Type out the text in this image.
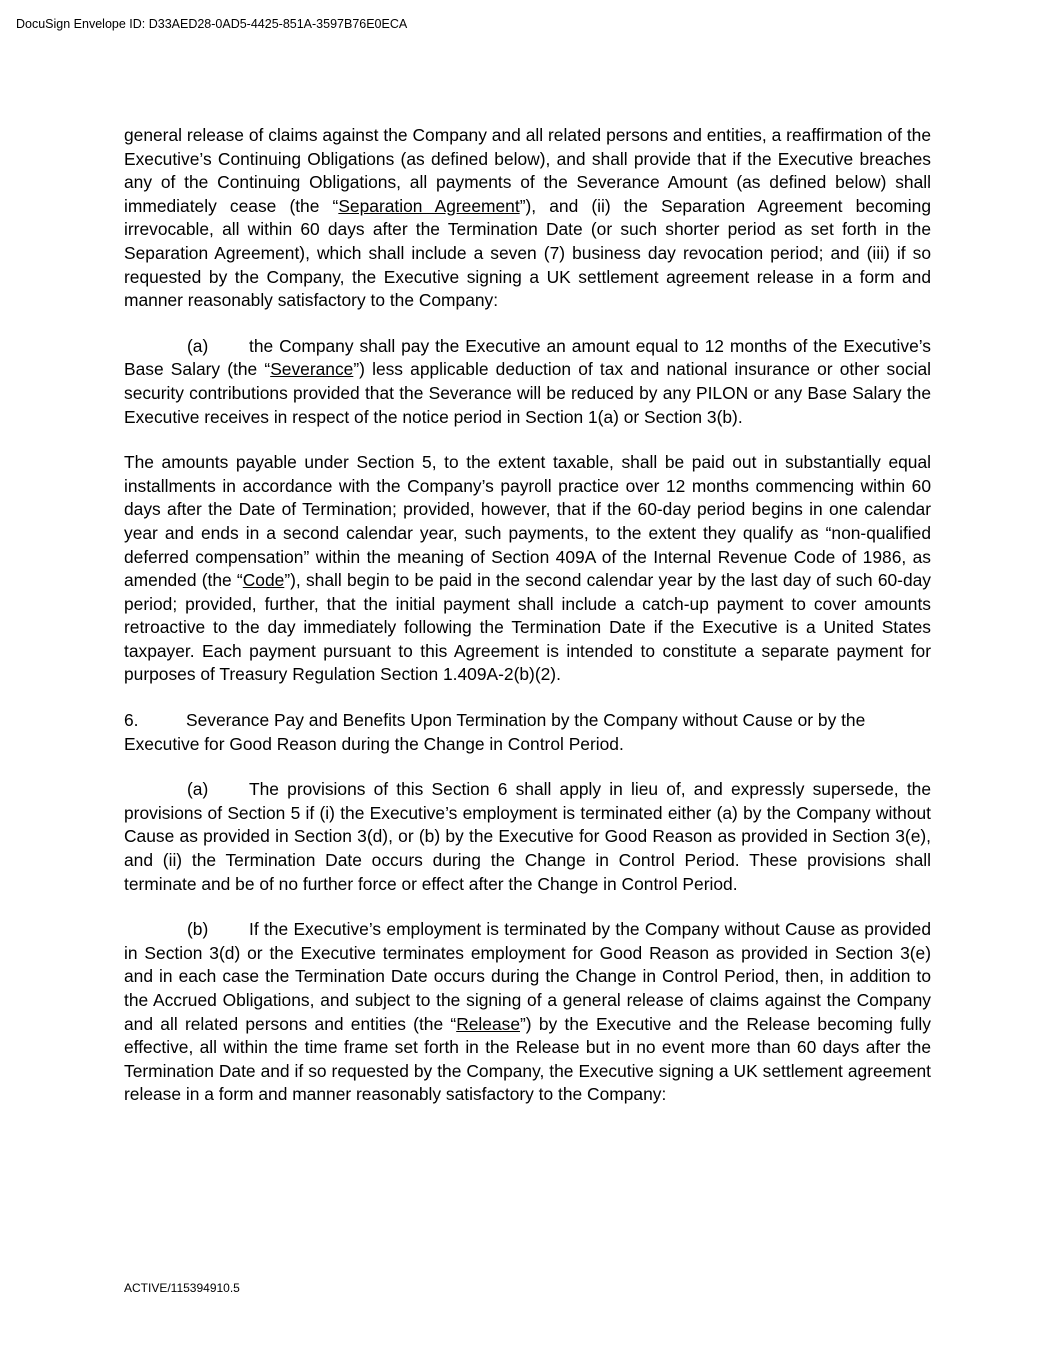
DocuSign Envelope ID: D33AED28-0AD5-4425-851A-3597B76E0ECA

general release of claims against the Company and all related persons and entities, a reaffirmation of the Executive’s Continuing Obligations (as defined below), and shall provide that if the Executive breaches any of the Continuing Obligations, all payments of the Severance Amount (as defined below) shall immediately cease (the “Separation Agreement”), and (ii) the Separation Agreement becoming irrevocable, all within 60 days after the Termination Date (or such shorter period as set forth in the Separation Agreement), which shall include a seven (7) business day revocation period; and (iii) if so requested by the Company, the Executive signing a UK settlement agreement release in a form and manner reasonably satisfactory to the Company:

(a) the Company shall pay the Executive an amount equal to 12 months of the Executive’s Base Salary (the “Severance”) less applicable deduction of tax and national insurance or other social security contributions provided that the Severance will be reduced by any PILON or any Base Salary the Executive receives in respect of the notice period in Section 1(a) or Section 3(b).

The amounts payable under Section 5, to the extent taxable, shall be paid out in substantially equal installments in accordance with the Company’s payroll practice over 12 months commencing within 60 days after the Date of Termination; provided, however, that if the 60-day period begins in one calendar year and ends in a second calendar year, such payments, to the extent they qualify as “non-qualified deferred compensation” within the meaning of Section 409A of the Internal Revenue Code of 1986, as amended (the “Code”), shall begin to be paid in the second calendar year by the last day of such 60-day period; provided, further, that the initial payment shall include a catch-up payment to cover amounts retroactive to the day immediately following the Termination Date if the Executive is a United States taxpayer. Each payment pursuant to this Agreement is intended to constitute a separate payment for purposes of Treasury Regulation Section 1.409A-2(b)(2).

6.	Severance Pay and Benefits Upon Termination by the Company without Cause or by the Executive for Good Reason during the Change in Control Period.

(a) The provisions of this Section 6 shall apply in lieu of, and expressly supersede, the provisions of Section 5 if (i) the Executive’s employment is terminated either (a) by the Company without Cause as provided in Section 3(d), or (b) by the Executive for Good Reason as provided in Section 3(e), and (ii) the Termination Date occurs during the Change in Control Period. These provisions shall terminate and be of no further force or effect after the Change in Control Period.

(b) If the Executive’s employment is terminated by the Company without Cause as provided in Section 3(d) or the Executive terminates employment for Good Reason as provided in Section 3(e) and in each case the Termination Date occurs during the Change in Control Period, then, in addition to the Accrued Obligations, and subject to the signing of a general release of claims against the Company and all related persons and entities (the “Release”) by the Executive and the Release becoming fully effective, all within the time frame set forth in the Release but in no event more than 60 days after the Termination Date and if so requested by the Company, the Executive signing a UK settlement agreement release in a form and manner reasonably satisfactory to the Company:

ACTIVE/115394910.5
